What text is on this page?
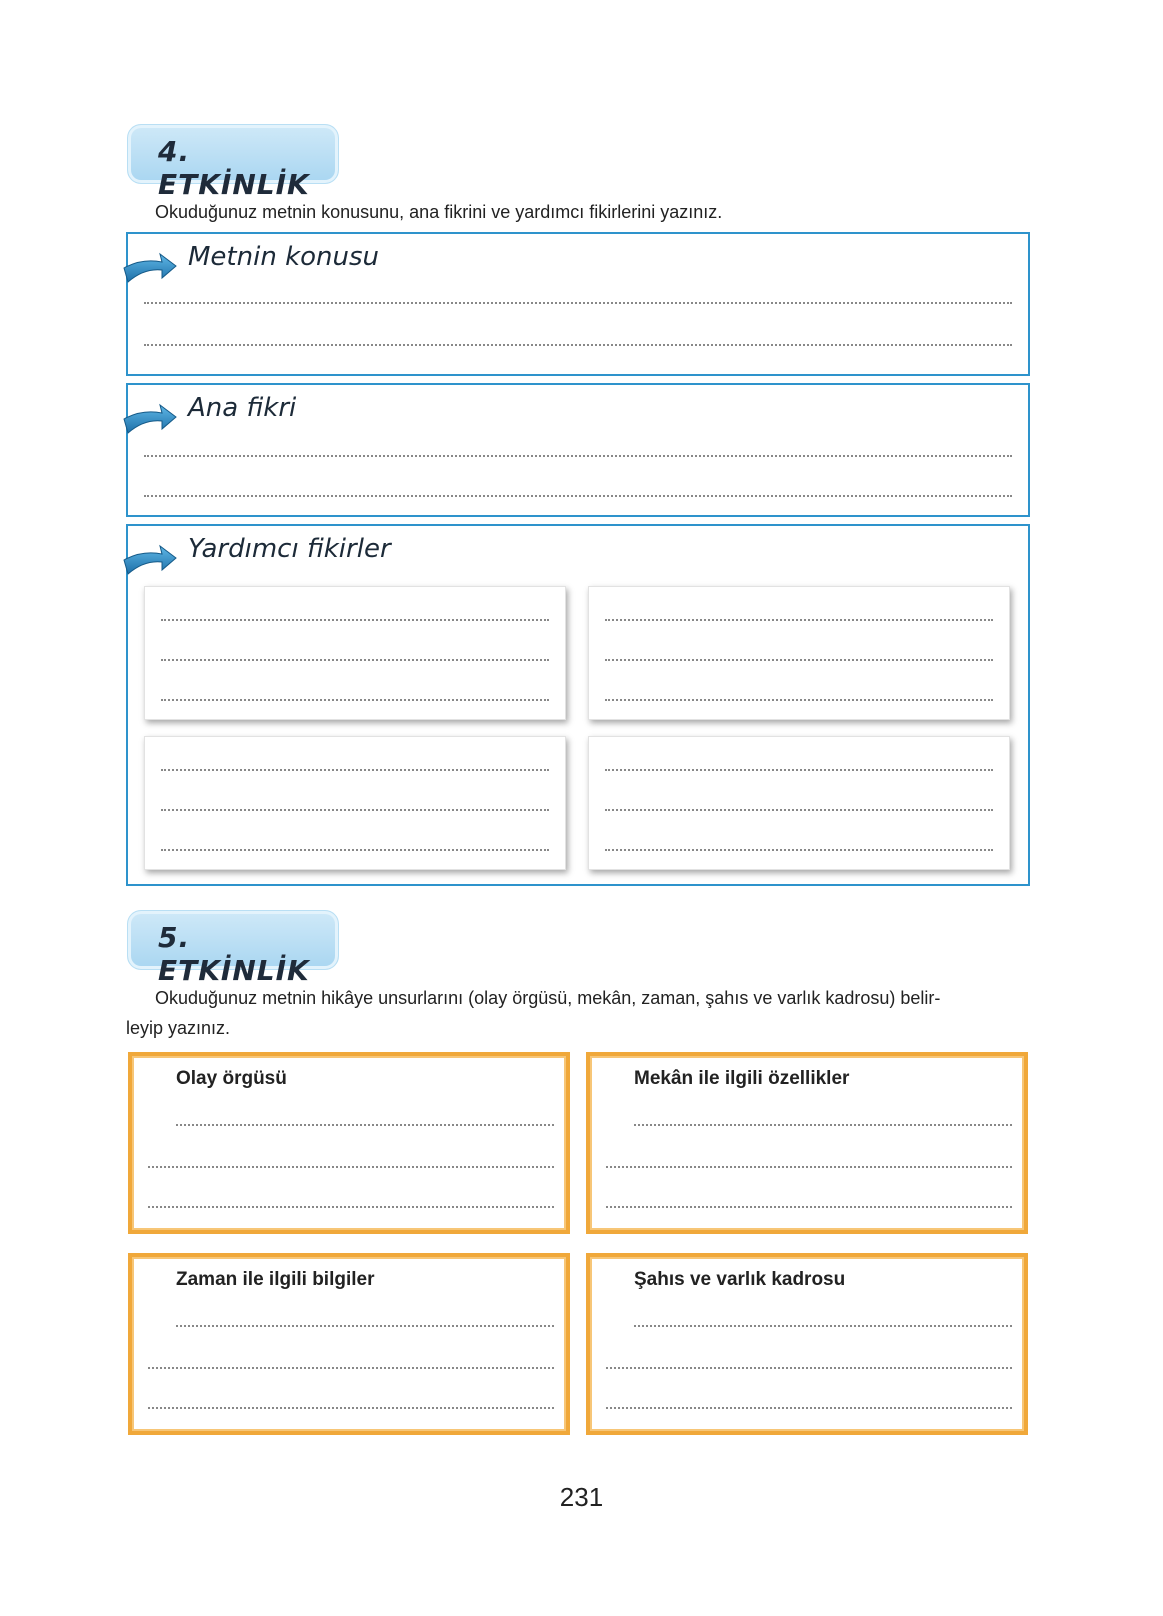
4. ETKİNLİK
Okuduğunuz metnin konusunu, ana fikrini ve yardımcı fikirlerini yazınız.
Metnin konusu
Ana fikri
Yardımcı fikirler
5. ETKİNLİK
Okuduğunuz metnin hikâye unsurlarını (olay örgüsü, mekân, zaman, şahıs ve varlık kadrosu) belir-
leyip yazınız.
Olay örgüsü	Mekân ile ilgili özellikler
Zaman ile ilgili bilgiler	Şahıs ve varlık kadrosu
231
